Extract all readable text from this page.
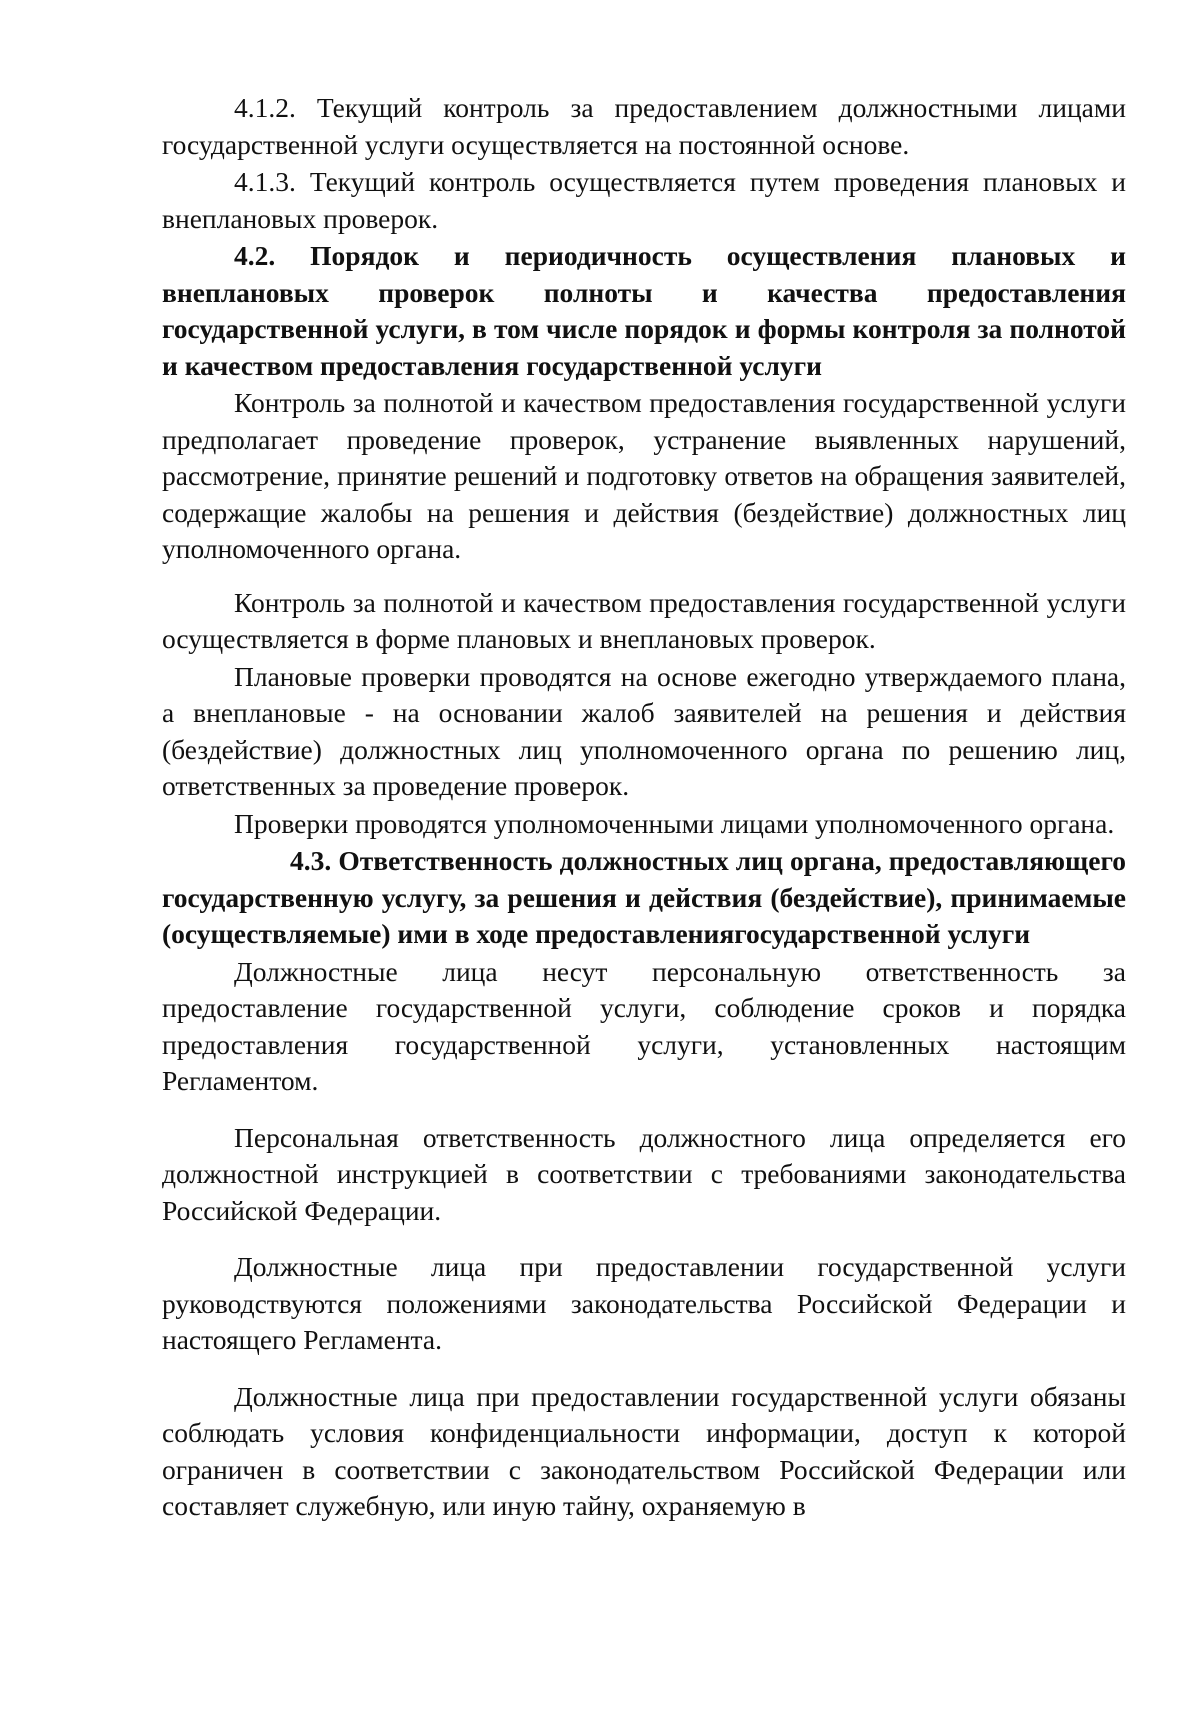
4.1.2. Текущий контроль за предоставлением должностными лицами государственной услуги осуществляется на постоянной основе.

4.1.3. Текущий контроль осуществляется путем проведения плановых и внеплановых проверок.

4.2. Порядок и периодичность осуществления плановых и внеплановых проверок полноты и качества предоставления государственной услуги, в том числе порядок и формы контроля за полнотой и качеством предоставления государственной услуги

Контроль за полнотой и качеством предоставления государственной услуги предполагает проведение проверок, устранение выявленных нарушений, рассмотрение, принятие решений и подготовку ответов на обращения заявителей, содержащие жалобы на решения и действия (бездействие) должностных лиц уполномоченного органа.

Контроль за полнотой и качеством предоставления государственной услуги осуществляется в форме плановых и внеплановых проверок.

Плановые проверки проводятся на основе ежегодно утверждаемого плана, а внеплановые - на основании жалоб заявителей на решения и действия (бездействие) должностных лиц уполномоченного органа по решению лиц, ответственных за проведение проверок.

Проверки проводятся уполномоченными лицами уполномоченного органа.

4.3. Ответственность должностных лиц органа, предоставляющего государственную услугу, за решения и действия (бездействие), принимаемые (осуществляемые) ими в ходе предоставлениягосударственной услуги

Должностные лица несут персональную ответственность за предоставление государственной услуги, соблюдение сроков и порядка предоставления государственной услуги, установленных настоящим Регламентом.

Персональная ответственность должностного лица определяется его должностной инструкцией в соответствии с требованиями законодательства Российской Федерации.

Должностные лица при предоставлении государственной услуги руководствуются положениями законодательства Российской Федерации и настоящего Регламента.

Должностные лица при предоставлении государственной услуги обязаны соблюдать условия конфиденциальности информации, доступ к которой ограничен в соответствии с законодательством Российской Федерации или составляет служебную, или иную тайну, охраняемую в
